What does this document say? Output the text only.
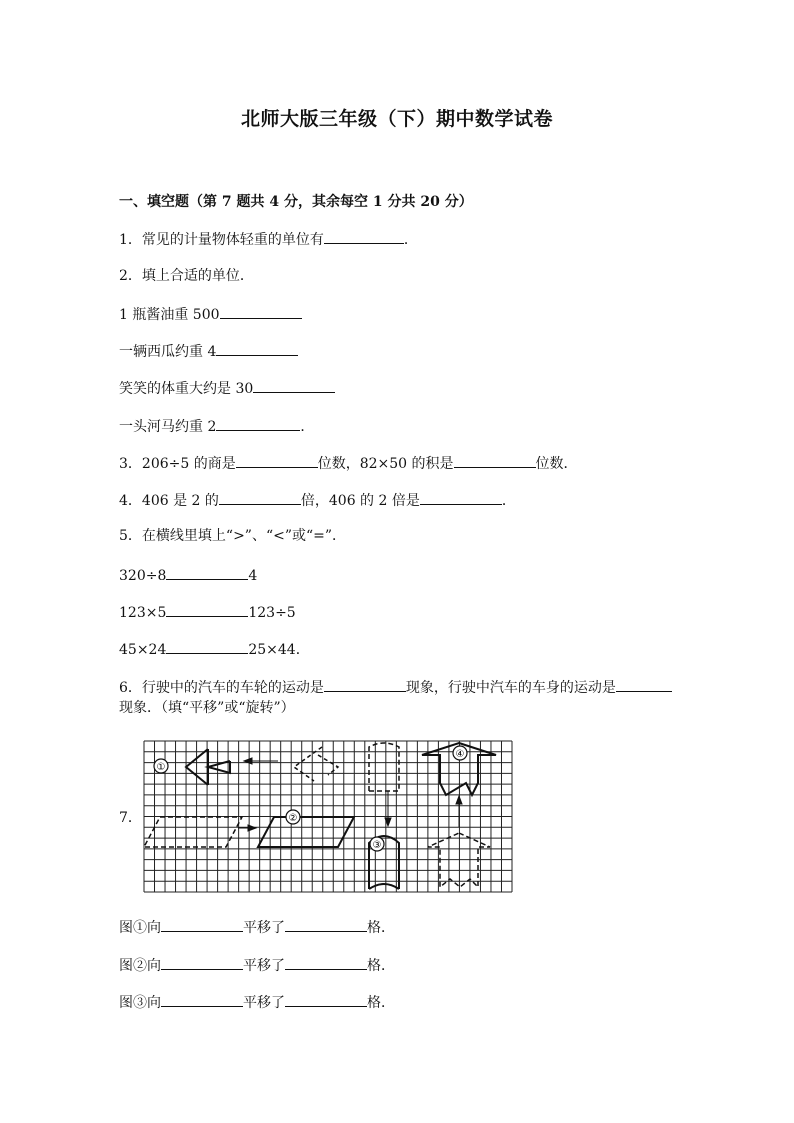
北师大版三年级（下）期中数学试卷
一、填空题（第 7 题共 4 分，其余每空 1 分共 20 分）
1．常见的计量物体轻重的单位有	．
2．填上合适的单位．
1 瓶酱油重 500
一辆西瓜约重 4
笑笑的体重大约是 30
一头河马约重 2	．
3．206÷5 的商是	位数，82×50 的积是	位数．
4．406 是 2 的	倍，406 的 2 倍是	．
5．在横线里填上“>”、“<”或“=”．
320÷8	4
123×5	123÷5
45×24	25×44．
6．行驶中的汽车的车轮的运动是	现象，行驶中汽车的车身的运动是
现象．（填“平移”或“旋转”）
7．
①
②
③
④
图①向	平移了	格．
图②向	平移了	格．
图③向	平移了	格．
